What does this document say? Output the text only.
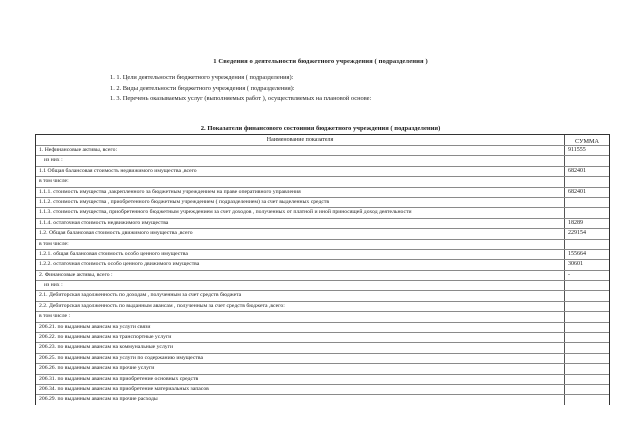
1 Сведения о деятельности бюджетного учреждения ( подразделения )
1. 1. Цели деятельности бюджетного учреждения ( подразделения):
1. 2. Виды деятельности бюджетного учреждения ( подразделения):
1. 3. Перечень оказываемых услуг (выполняемых работ ), осуществляемых на плановой основе:
2. Показатели финансового состоиния бюджетного учреждения ( подразделения)
Наименование показателя	СУММА
1. Нефинансовые активы, всего:	911555
из них :
1.1 Общая балансовая стоимость недвижимого имущества ,всего	682401
в том числе:
1.1.1. стоимость имущества ,закрепленного за бюджетным учреждением на праве оперативного управления	682401
1.1.2. стоимость имущества , приобретенного бюджетным учреждением ( подразделением) за счет выделенных средств
1.1.3. стоимость имущества, приобретенного бюджетным учреждением за счет доходов , полученных от платной и иной приносящей доход деятельности
1.1.4. остаточная стоимость недвижимого имущества	18289
1.2. Общая балансовая стоимость движимого имущества ,всего	229154
в том числе:
1.2.1. общая балансовая стоимость особо ценного имущества	155664
1.2.2. остаточная стоимость особо ценного движимого имущества	30601
2. Финансовые активы, всего :	-
из них :
2.1. Дебиторская задолженность по доходам , полученным за счет средств бюджета
2.2. Дебиторская задолженность по выданным авансам , полученным за счет средств бюджета ,всего:
в том числе :
206.21. по выданным авансам на услуги связи
206.22. по выданным авансам на транспортные услуги
206.23. по выданным авансам на коммунальные услуги
206.25. по выданным авансам на услуги по содержанию имущества
206.26. по выданным авансам на прочие услуги
206.31. по выданным авансам на приобретение основных средств
206.34. по выданным авансам на приобретение материальных запасов
206.29. по выданным авансам на прочие расходы
